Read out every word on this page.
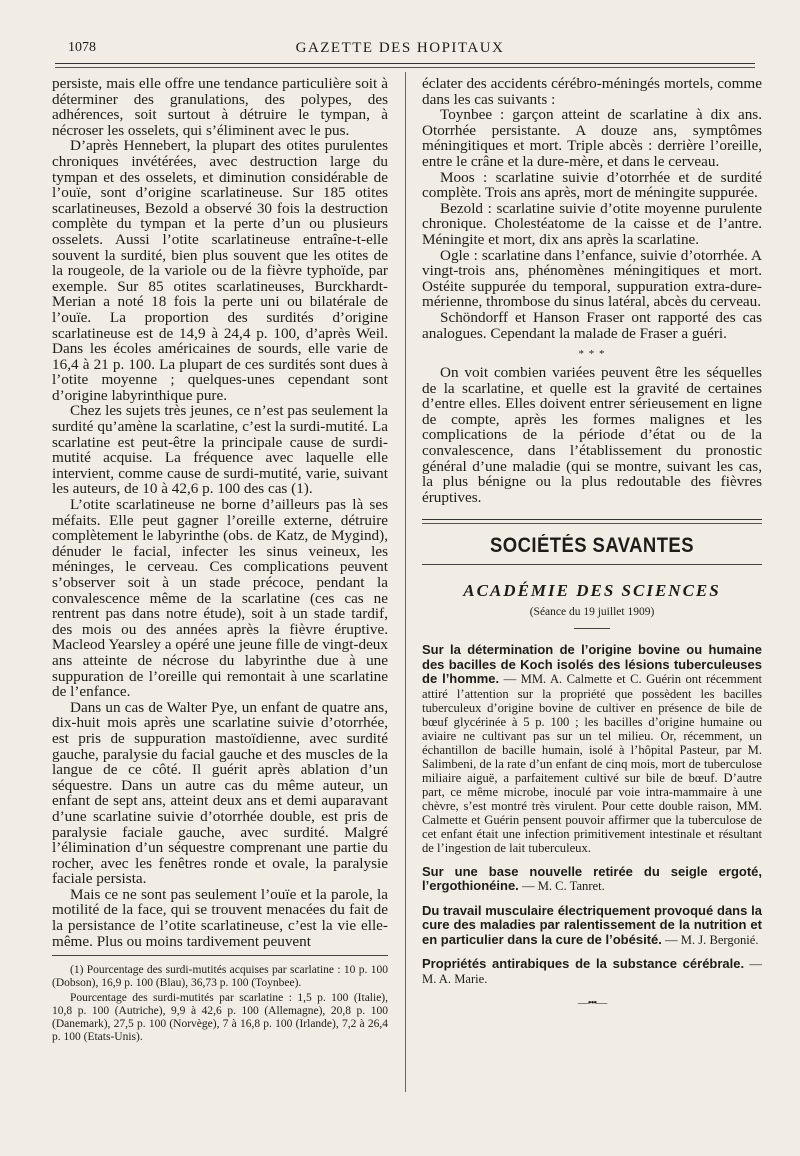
1078	GAZETTE DES HOPITAUX

persiste, mais elle offre une tendance particulière soit à déterminer des granulations, des polypes, des adhérences, soit surtout à détruire le tympan, à nécroser les osselets, qui s’éliminent avec le pus.

D’après Hennebert, la plupart des otites purulentes chroniques invétérées, avec destruction large du tympan et des osselets, et diminution considérable de l’ouïe, sont d’origine scarlatineuse. Sur 185 otites scarlatineuses, Bezold a observé 30 fois la destruction complète du tympan et la perte d’un ou plusieurs osselets. Aussi l’otite scarlatineuse entraîne-t-elle souvent la surdité, bien plus souvent que les otites de la rougeole, de la variole ou de la fièvre typhoïde, par exemple. Sur 85 otites scarlatineuses, Burckhardt-Merian a noté 18 fois la perte uni ou bilatérale de l’ouïe. La proportion des surdités d’origine scarlatineuse est de 14,9 à 24,4 p. 100, d’après Weil. Dans les écoles américaines de sourds, elle varie de 16,4 à 21 p. 100. La plupart de ces surdités sont dues à l’otite moyenne ; quelques-unes cependant sont d’origine labyrinthique pure.

Chez les sujets très jeunes, ce n’est pas seulement la surdité qu’amène la scarlatine, c’est la surdi-mutité. La scarlatine est peut-être la principale cause de surdi-mutité acquise. La fréquence avec laquelle elle intervient, comme cause de surdi-mutité, varie, suivant les auteurs, de 10 à 42,6 p. 100 des cas (1).

L’otite scarlatineuse ne borne d’ailleurs pas là ses méfaits. Elle peut gagner l’oreille externe, détruire complètement le labyrinthe (obs. de Katz, de Mygind), dénuder le facial, infecter les sinus veineux, les méninges, le cerveau. Ces complications peuvent s’observer soit à un stade précoce, pendant la convalescence même de la scarlatine (ces cas ne rentrent pas dans notre étude), soit à un stade tardif, des mois ou des années après la fièvre éruptive. Macleod Yearsley a opéré une jeune fille de vingt-deux ans atteinte de nécrose du labyrinthe due à une suppuration de l’oreille qui remontait à une scarlatine de l’enfance.

Dans un cas de Walter Pye, un enfant de quatre ans, dix-huit mois après une scarlatine suivie d’otorrhée, est pris de suppuration mastoïdienne, avec surdité gauche, paralysie du facial gauche et des muscles de la langue de ce côté. Il guérit après ablation d’un séquestre. Dans un autre cas du même auteur, un enfant de sept ans, atteint deux ans et demi auparavant d’une scarlatine suivie d’otorrhée double, est pris de paralysie faciale gauche, avec surdité. Malgré l’élimination d’un séquestre comprenant une partie du rocher, avec les fenêtres ronde et ovale, la paralysie faciale persista.

Mais ce ne sont pas seulement l’ouïe et la parole, la motilité de la face, qui se trouvent menacées du fait de la persistance de l’otite scarlatineuse, c’est la vie elle-même. Plus ou moins tardivement peuvent

(1) Pourcentage des surdi-mutités acquises par scarlatine : 10 p. 100 (Dobson), 16,9 p. 100 (Blau), 36,73 p. 100 (Toynbee).

Pourcentage des surdi-mutités par scarlatine : 1,5 p. 100 (Italie), 10,8 p. 100 (Autriche), 9,9 à 42,6 p. 100 (Allemagne), 20,8 p. 100 (Danemark), 27,5 p. 100 (Norvège), 7 à 16,8 p. 100 (Irlande), 7,2 à 26,4 p. 100 (Etats-Unis).

éclater des accidents cérébro-méningés mortels, comme dans les cas suivants :

Toynbee : garçon atteint de scarlatine à dix ans. Otorrhée persistante. A douze ans, symptômes méningitiques et mort. Triple abcès : derrière l’oreille, entre le crâne et la dure-mère, et dans le cerveau.

Moos : scarlatine suivie d’otorrhée et de surdité complète. Trois ans après, mort de méningite suppurée.

Bezold : scarlatine suivie d’otite moyenne purulente chronique. Cholestéatome de la caisse et de l’antre. Méningite et mort, dix ans après la scarlatine.

Ogle : scarlatine dans l’enfance, suivie d’otorrhée. A vingt-trois ans, phénomènes méningitiques et mort. Ostéite suppurée du temporal, suppuration extra-dure-mérienne, thrombose du sinus latéral, abcès du cerveau.

Schöndorff et Hanson Fraser ont rapporté des cas analogues. Cependant la malade de Fraser a guéri.

* * *

On voit combien variées peuvent être les séquelles de la scarlatine, et quelle est la gravité de certaines d’entre elles. Elles doivent entrer sérieusement en ligne de compte, après les formes malignes et les complications de la période d’état ou de la convalescence, dans l’établissement du pronostic général d’une maladie (qui se montre, suivant les cas, la plus bénigne ou la plus redoutable des fièvres éruptives.

SOCIÉTÉS SAVANTES
ACADÉMIE DES SCIENCES
(Séance du 19 juillet 1909)
Sur la détermination de l’origine bovine ou humaine des bacilles de Koch isolés des lésions tuberculeuses de l’homme. — MM. A. Calmette et C. Guérin ont récemment attiré l’attention sur la propriété que possèdent les bacilles tuberculeux d’origine bovine de cultiver en présence de bile de bœuf glycérinée à 5 p. 100 ; les bacilles d’origine humaine ou aviaire ne cultivant pas sur un tel milieu. Or, récemment, un échantillon de bacille humain, isolé à l’hôpital Pasteur, par M. Salimbeni, de la rate d’un enfant de cinq mois, mort de tuberculose miliaire aiguë, a parfaitement cultivé sur bile de bœuf. D’autre part, ce même microbe, inoculé par voie intra-mammaire à une chèvre, s’est montré très virulent. Pour cette double raison, MM. Calmette et Guérin pensent pouvoir affirmer que la tuberculose de cet enfant était une infection primitivement intestinale et résultant de l’ingestion de lait tuberculeux.
Sur une base nouvelle retirée du seigle ergoté, l’ergothionéine. — M. C. Tanret.
Du travail musculaire électriquement provoqué dans la cure des maladies par ralentissement de la nutrition et en particulier dans la cure de l’obésité. — M. J. Bergonié.
Propriétés antirabiques de la substance cérébrale. — M. A. Marie.
—•••—
